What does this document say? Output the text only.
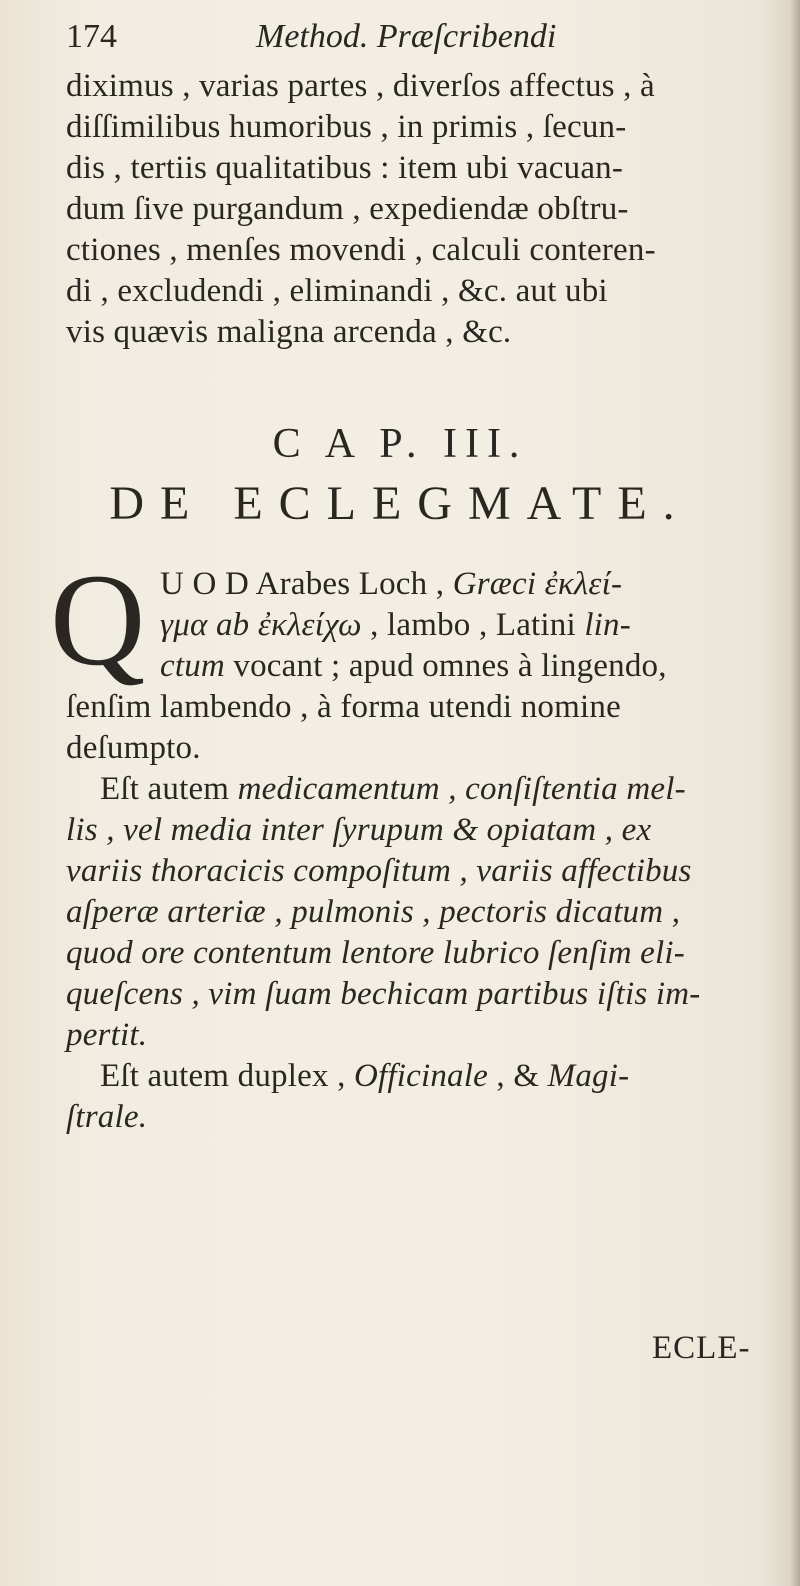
174	Method. Præſcribendi
diximus , varias partes , diverſos affectus , à
diſſimilibus humoribus , in primis , ſecun-
dis , tertiis qualitatibus : item ubi vacuan-
dum ſive purgandum , expediendæ obſtru-
ctiones , menſes movendi , calculi conteren-
di , excludendi , eliminandi , &c. aut ubi
vis quævis maligna arcenda , &c.
C A P. III.
DE ECLEGMATE.
Q U O D Arabes Loch , Græci ἐκλεί-
γμα ab ἐκλείχω , lambo , Latini lin-
ctum vocant ; apud omnes à lingendo,
ſenſim lambendo , à forma utendi nomine
deſumpto.
Eſt autem medicamentum , conſiſtentia mel-
lis , vel media inter ſyrupum & opiatam , ex
variis thoracicis compoſitum , variis affectibus
aſperæ arteriæ , pulmonis , pectoris dicatum ,
quod ore contentum lentore lubrico ſenſim eli-
queſcens , vim ſuam bechicam partibus iſtis im-
pertit.
Eſt autem duplex , Officinale , & Magi-
ſtrale.
ECLE-
